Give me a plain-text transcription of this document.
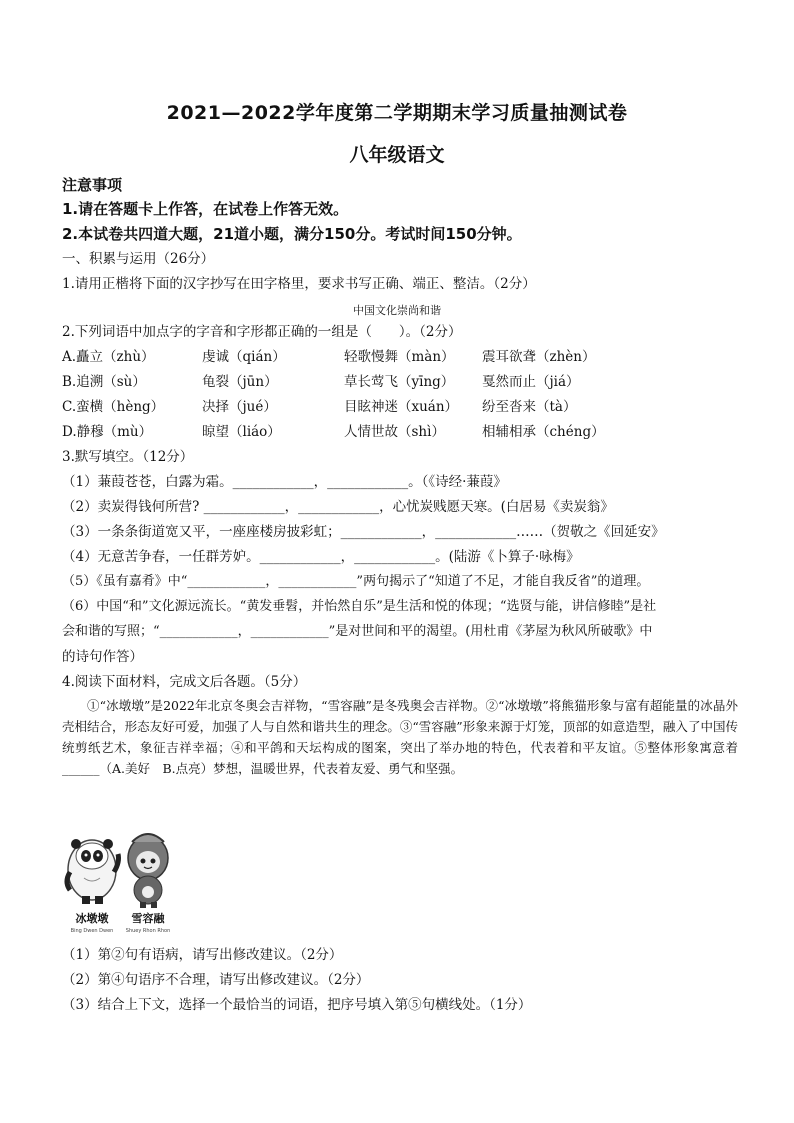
2021—2022学年度第二学期期末学习质量抽测试卷
八年级语文
注意事项
1.请在答题卡上作答，在试卷上作答无效。
2.本试卷共四道大题，21道小题，满分150分。考试时间150分钟。
一、积累与运用（26分）
1.请用正楷将下面的汉字抄写在田字格里，要求书写正确、端正、整洁。（2分）
中国文化崇尚和谐
2.下列词语中加点字的字音和字形都正确的一组是（　　）。（2分）
A.矗立（zhù）	虔诚（qián）	轻歌慢舞（màn） 震耳欲聋（zhèn）
B.追溯（sù）	龟裂（jūn）	草长莺飞（yīng） 戛然而止（jiá）
C.蛮横（hèng）	决择（jué）	目眩神迷（xuán） 纷至沓来（tà）
D.静穆（mù）	晾望（liáo）	人情世故（shì）	相辅相承（chéng）
3.默写填空。（12分）
（1）蒹葭苍苍，白露为霜。____________，____________。（《诗经·蒹葭》
（2）卖炭得钱何所营? ____________，____________，心忧炭贱愿天寒。(白居易《卖炭翁》
（3）一条条街道宽又平，一座座楼房披彩虹；____________，____________……（贺敬之《回延安》
（4）无意苦争春，一任群芳妒。____________，____________。(陆游《卜算子·咏梅》
（5）《虽有嘉肴》中“____________，____________”两句揭示了“知道了不足，才能自我反省”的道理。
（6）中国“和”文化源远流长。“黄发垂髫，并怡然自乐”是生活和悦的体现；“选贤与能，讲信修睦”是社
会和谐的写照；“____________，____________”是对世间和平的渴望。(用杜甫《茅屋为秋风所破歌》中
的诗句作答）
4.阅读下面材料，完成文后各题。（5分）
①“冰墩墩”是2022年北京冬奥会吉祥物，“雪容融”是冬残奥会吉祥物。②“冰墩墩”将熊猫形象与富有超能量的冰晶外壳相结合，形态友好可爱，加强了人与自然和谐共生的理念。③“雪容融”形象来源于灯笼，顶部的如意造型，融入了中国传统剪纸艺术，象征吉祥幸福；④和平鸽和天坛构成的图案，突出了举办地的特色，代表着和平友谊。⑤整体形象寓意着______（A.美好　B.点亮）梦想，温暖世界，代表着友爱、勇气和坚强。
冰墩墩 雪容融
Bing Dwen Dwen Shuey Rhon Rhon
（1）第②句有语病，请写出修改建议。（2分）
（2）第④句语序不合理，请写出修改建议。（2分）
（3）结合上下文，选择一个最恰当的词语，把序号填入第⑤句横线处。（1分）
